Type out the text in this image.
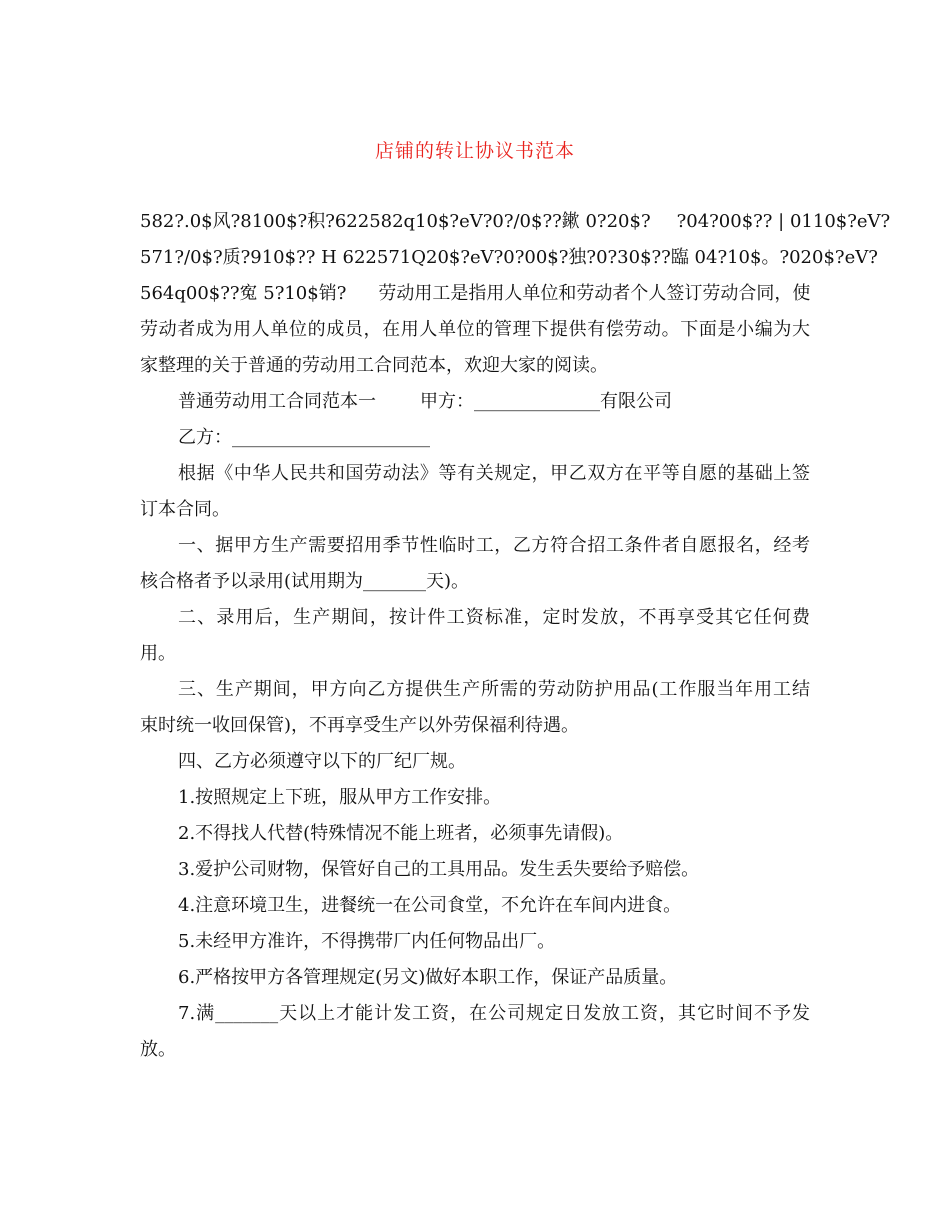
店铺的转让协议书范本

582?.0$风?8100$?积?622582q10$?eV?0?/0$??鏉 0?20$? ?04?00$?? | 0110$?eV?

571?/0$?质?910$?? H 622571Q20$?eV?0?00$?独?0?30$??臨 04?10$。?020$?eV?

564q00$??寃 5?10$销? 劳动用工是指用人单位和劳动者个人签订劳动合同，使

劳动者成为用人单位的成员，在用人单位的管理下提供有偿劳动。下面是小编为大

家整理的关于普通的劳动用工合同范本，欢迎大家的阅读。

普通劳动用工合同范本一 甲方：______________有限公司

乙方：______________________

根据《中华人民共和国劳动法》等有关规定，甲乙双方在平等自愿的基础上签

订本合同。

一、据甲方生产需要招用季节性临时工，乙方符合招工条件者自愿报名，经考

核合格者予以录用(试用期为_______天)。

二、录用后，生产期间，按计件工资标准，定时发放，不再享受其它任何费

用。

三、生产期间，甲方向乙方提供生产所需的劳动防护用品(工作服当年用工结

束时统一收回保管)，不再享受生产以外劳保福利待遇。

四、乙方必须遵守以下的厂纪厂规。

1.按照规定上下班，服从甲方工作安排。

2.不得找人代替(特殊情况不能上班者，必须事先请假)。

3.爱护公司财物，保管好自己的工具用品。发生丢失要给予赔偿。

4.注意环境卫生，进餐统一在公司食堂，不允许在车间内进食。

5.未经甲方准许，不得携带厂内任何物品出厂。

6.严格按甲方各管理规定(另文)做好本职工作，保证产品质量。

7.满_______天以上才能计发工资，在公司规定日发放工资，其它时间不予发

放。
